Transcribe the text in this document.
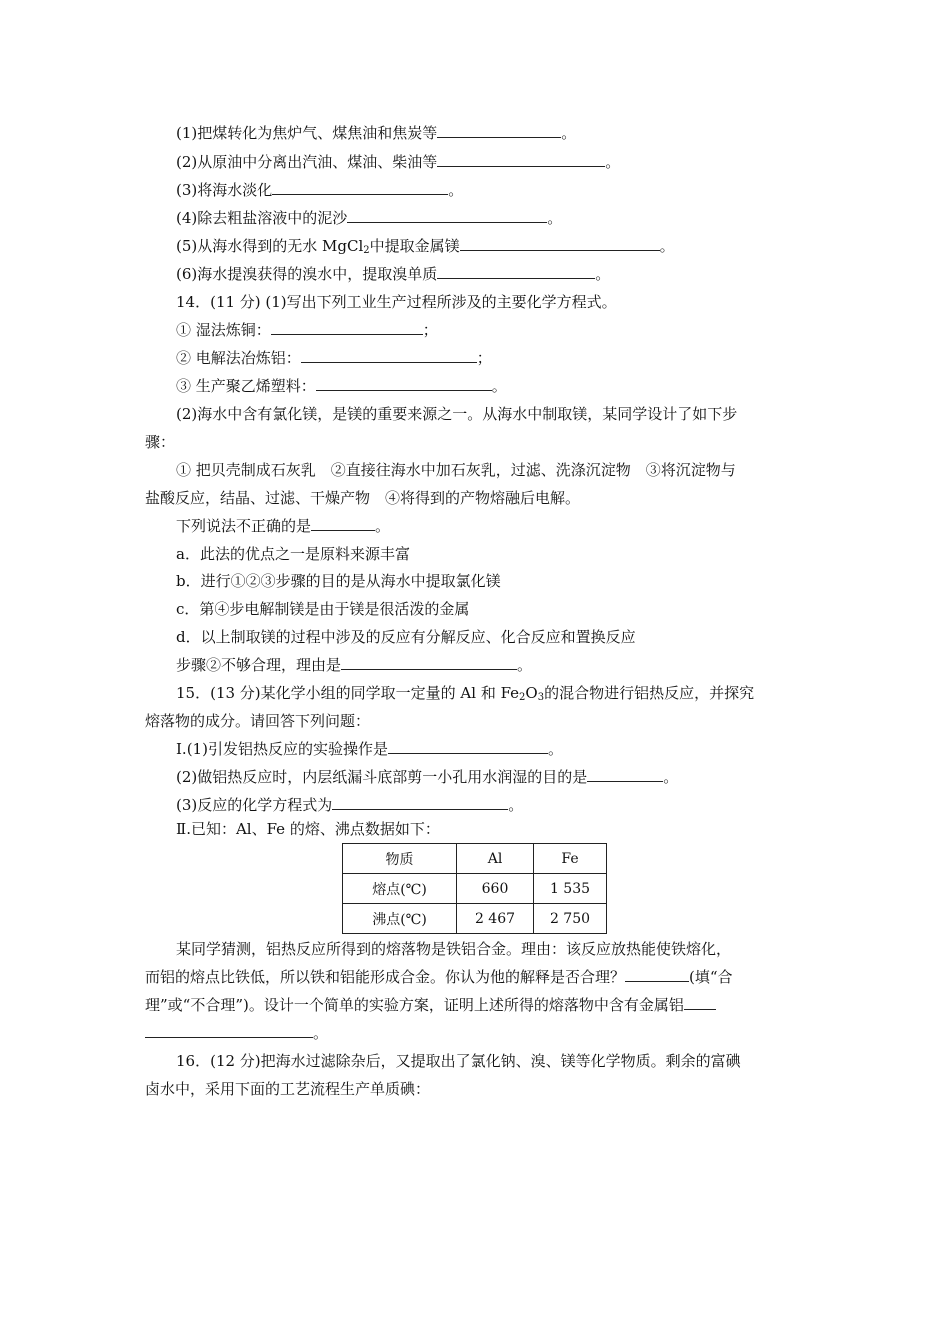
(1)把煤转化为焦炉气、煤焦油和焦炭等	。
(2)从原油中分离出汽油、煤油、柴油等	。
(3)将海水淡化	。
(4)除去粗盐溶液中的泥沙	。
(5)从海水得到的无水 MgCl$_2$中提取金属镁	。
(6)海水提溴获得的溴水中，提取溴单质	。
14．(11 分) (1)写出下列工业生产过程所涉及的主要化学方程式。
① 湿法炼铜：	；
② 电解法冶炼铝：	；
③ 生产聚乙烯塑料：	。
(2)海水中含有氯化镁，是镁的重要来源之一。从海水中制取镁，某同学设计了如下步
骤：
① 把贝壳制成石灰乳　②直接往海水中加石灰乳，过滤、洗涤沉淀物　③将沉淀物与
盐酸反应，结晶、过滤、干燥产物　④将得到的产物熔融后电解。
下列说法不正确的是	。
a．此法的优点之一是原料来源丰富
b．进行①②③步骤的目的是从海水中提取氯化镁
c．第④步电解制镁是由于镁是很活泼的金属
d．以上制取镁的过程中涉及的反应有分解反应、化合反应和置换反应
步骤②不够合理，理由是	。
15．(13 分)某化学小组的同学取一定量的 Al 和 $Fe_2O_3$的混合物进行铝热反应，并探究
熔落物的成分。请回答下列问题：
Ⅰ.(1)引发铝热反应的实验操作是	。
(2)做铝热反应时，内层纸漏斗底部剪一小孔用水润湿的目的是	。
(3)反应的化学方程式为	。
Ⅱ.已知：Al、Fe 的熔、沸点数据如下：
物质	Al	Fe
熔点(℃)	660	1 535
沸点(℃)	2 467	2 750
某同学猜测，铝热反应所得到的熔落物是铁铝合金。理由：该反应放热能使铁熔化，
而铝的熔点比铁低，所以铁和铝能形成合金。你认为他的解释是否合理？	(填“合
理”或“不合理”)。设计一个简单的实验方案，证明上述所得的熔落物中含有金属铝
。
16．(12 分)把海水过滤除杂后，又提取出了氯化钠、溴、镁等化学物质。剩余的富碘
卤水中，采用下面的工艺流程生产单质碘：
